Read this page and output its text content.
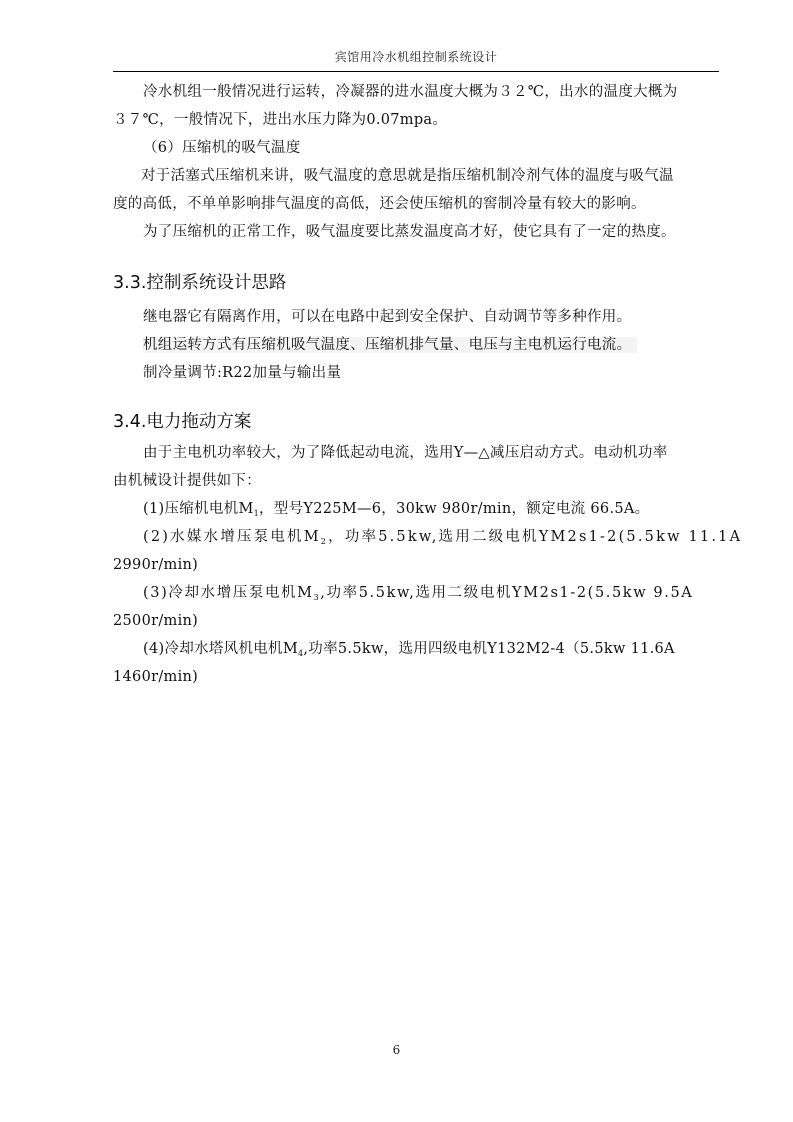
宾馆用冷水机组控制系统设计
冷水机组一般情况进行运转，冷凝器的进水温度大概为３２℃，出水的温度大概为
３７℃，一般情况下，进出水压力降为0.07mpa。
（6）压缩机的吸气温度
对于活塞式压缩机来讲，吸气温度的意思就是指压缩机制冷剂气体的温度与吸气温
度的高低，不单单影响排气温度的高低，还会使压缩机的窖制冷量有较大的影响。
为了压缩机的正常工作，吸气温度要比蒸发温度高才好，使它具有了一定的热度。
3.3.控制系统设计思路
继电器它有隔离作用，可以在电路中起到安全保护、自动调节等多种作用。
机组运转方式有压缩机吸气温度、压缩机排气量、电压与主电机运行电流。
制冷量调节:R22加量与输出量
3.4.电力拖动方案
由于主电机功率较大，为了降低起动电流，选用Y—△减压启动方式。电动机功率
由机械设计提供如下：
(1)压缩机电机$M_1$，型号Y225M—6，30kw 980r/min，额定电流 66.5A。
(2)水媒水增压泵电机$M_2$，功率5.5kw,选用二级电机YM2s1-2(5.5kw 11.1A
2990r/min)
(3)冷却水增压泵电机$M_3$,功率5.5kw,选用二级电机YM2s1-2(5.5kw 9.5A
2500r/min)
(4)冷却水塔风机电机$M_4$,功率5.5kw，选用四级电机Y132M2-4（5.5kw 11.6A
1460r/min)
6
